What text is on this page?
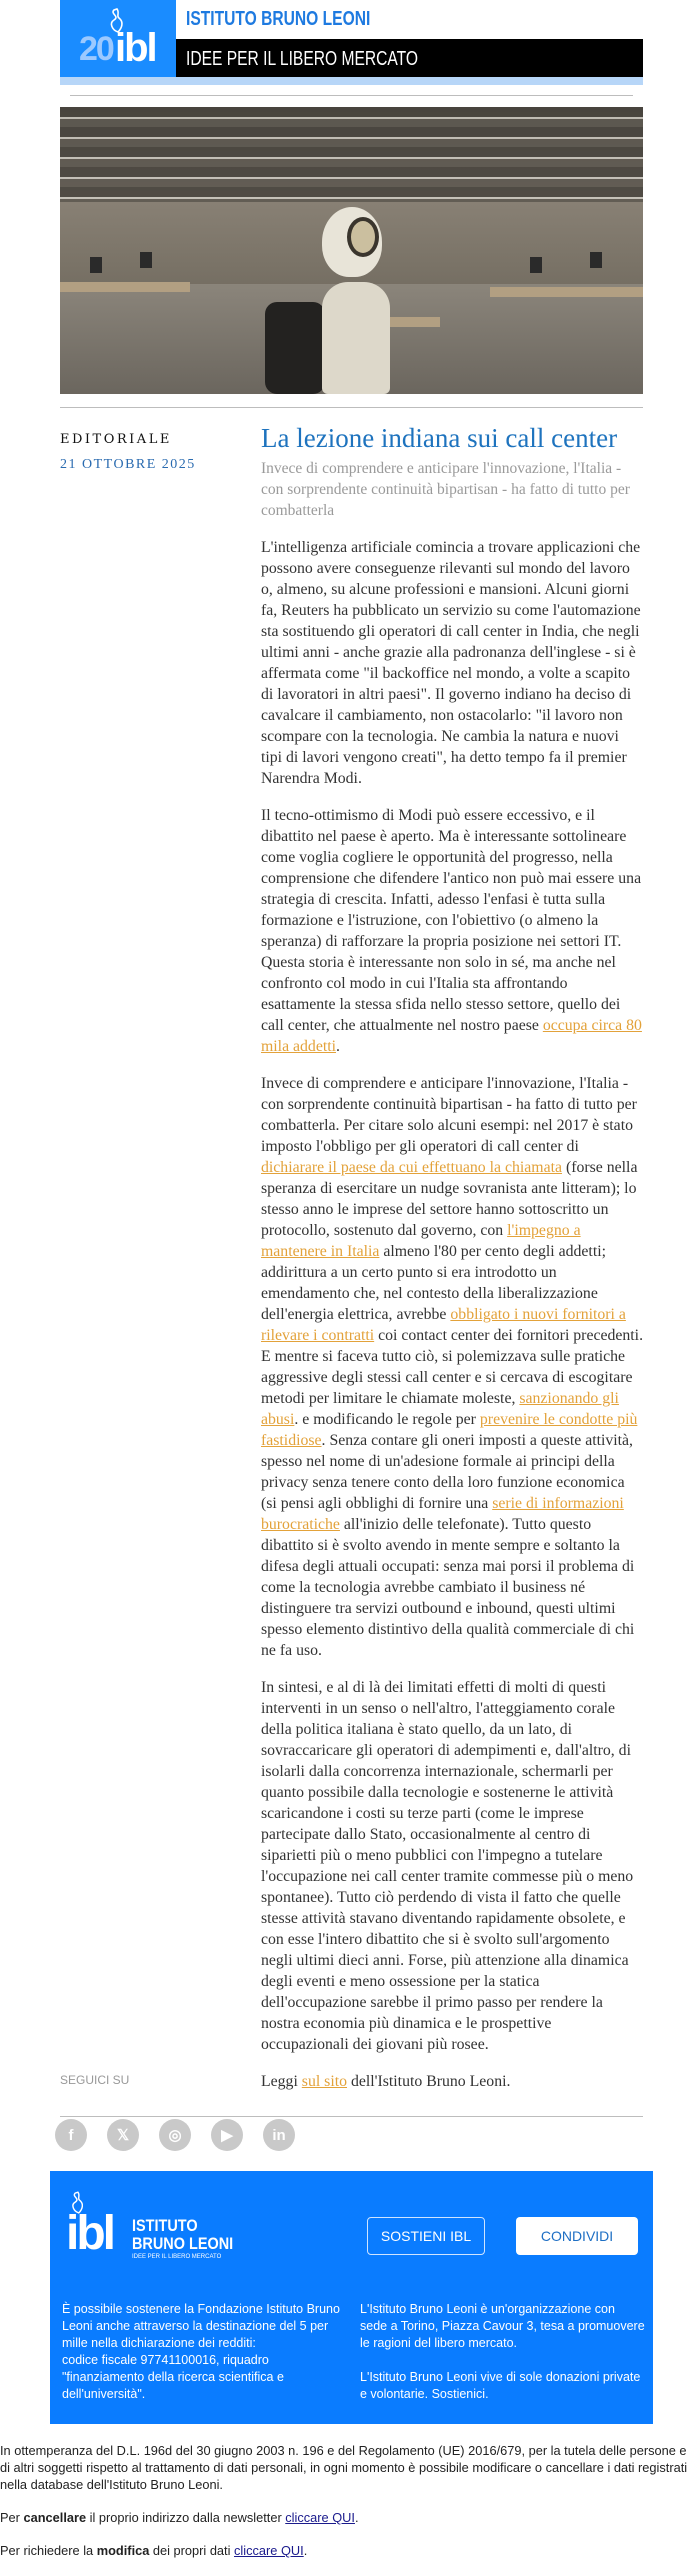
20 ibl
ISTITUTO BRUNO LEONI
IDEE PER IL LIBERO MERCATO
EDITORIALE
21 OTTOBRE 2025
La lezione indiana sui call center

Invece di comprendere e anticipare l'innovazione, l'Italia - con sorprendente continuità bipartisan - ha fatto di tutto per combatterla

L'intelligenza artificiale comincia a trovare applicazioni che possono avere conseguenze rilevanti sul mondo del lavoro o, almeno, su alcune professioni e mansioni. Alcuni giorni fa, Reuters ha pubblicato un servizio su come l'automazione sta sostituendo gli operatori di call center in India, che negli ultimi anni - anche grazie alla padronanza dell'inglese - si è affermata come "il backoffice nel mondo, a volte a scapito di lavoratori in altri paesi". Il governo indiano ha deciso di cavalcare il cambiamento, non ostacolarlo: "il lavoro non scompare con la tecnologia. Ne cambia la natura e nuovi tipi di lavori vengono creati", ha detto tempo fa il premier Narendra Modi.

Il tecno-ottimismo di Modi può essere eccessivo, e il dibattito nel paese è aperto. Ma è interessante sottolineare come voglia cogliere le opportunità del progresso, nella comprensione che difendere l'antico non può mai essere una strategia di crescita. Infatti, adesso l'enfasi è tutta sulla formazione e l'istruzione, con l'obiettivo (o almeno la speranza) di rafforzare la propria posizione nei settori IT. Questa storia è interessante non solo in sé, ma anche nel confronto col modo in cui l'Italia sta affrontando esattamente la stessa sfida nello stesso settore, quello dei call center, che attualmente nel nostro paese occupa circa 80 mila addetti.

Invece di comprendere e anticipare l'innovazione, l'Italia - con sorprendente continuità bipartisan - ha fatto di tutto per combatterla. Per citare solo alcuni esempi: nel 2017 è stato imposto l'obbligo per gli operatori di call center di dichiarare il paese da cui effettuano la chiamata (forse nella speranza di esercitare un nudge sovranista ante litteram); lo stesso anno le imprese del settore hanno sottoscritto un protocollo, sostenuto dal governo, con l'impegno a mantenere in Italia almeno l'80 per cento degli addetti; addirittura a un certo punto si era introdotto un emendamento che, nel contesto della liberalizzazione dell'energia elettrica, avrebbe obbligato i nuovi fornitori a rilevare i contratti coi contact center dei fornitori precedenti. E mentre si faceva tutto ciò, si polemizzava sulle pratiche aggressive degli stessi call center e si cercava di escogitare metodi per limitare le chiamate moleste, sanzionando gli abusi. e modificando le regole per prevenire le condotte più fastidiose. Senza contare gli oneri imposti a queste attività, spesso nel nome di un'adesione formale ai principi della privacy senza tenere conto della loro funzione economica (si pensi agli obblighi di fornire una serie di informazioni burocratiche all'inizio delle telefonate). Tutto questo dibattito si è svolto avendo in mente sempre e soltanto la difesa degli attuali occupati: senza mai porsi il problema di come la tecnologia avrebbe cambiato il business né distinguere tra servizi outbound e inbound, questi ultimi spesso elemento distintivo della qualità commerciale di chi ne fa uso.

In sintesi, e al di là dei limitati effetti di molti di questi interventi in un senso o nell'altro, l'atteggiamento corale della politica italiana è stato quello, da un lato, di sovraccaricare gli operatori di adempimenti e, dall'altro, di isolarli dalla concorrenza internazionale, schermarli per quanto possibile dalla tecnologie e sostenerne le attività scaricandone i costi su terze parti (come le imprese partecipate dallo Stato, occasionalmente al centro di siparietti più o meno pubblici con l'impegno a tutelare l'occupazione nei call center tramite commesse più o meno spontanee). Tutto ciò perdendo di vista il fatto che quelle stesse attività stavano diventando rapidamente obsolete, e con esse l'intero dibattito che si è svolto sull'argomento negli ultimi dieci anni. Forse, più attenzione alla dinamica degli eventi e meno ossessione per la statica dell'occupazione sarebbe il primo passo per rendere la nostra economia più dinamica e le prospettive occupazionali dei giovani più rosee.

Leggi sul sito dell'Istituto Bruno Leoni.

SEGUICI SU
f	𝕏	◎	▶	in
ibl ISTITUTO
BRUNO LEONI
IDEE PER IL LIBERO MERCATO
SOSTIENI IBL	CONDIVIDI
È possibile sostenere la Fondazione Istituto Bruno Leoni anche attraverso la destinazione del 5 per mille nella dichiarazione dei redditi:
codice fiscale 97741100016, riquadro "finanziamento della ricerca scientifica e dell'università".

L'Istituto Bruno Leoni è un'organizzazione con sede a Torino, Piazza Cavour 3, tesa a promuovere le ragioni del libero mercato.

L'Istituto Bruno Leoni vive di sole donazioni private e volontarie. Sostienici.

In ottemperanza del D.L. 196d del 30 giugno 2003 n. 196 e del Regolamento (UE) 2016/679, per la tutela delle persone e di altri soggetti rispetto al trattamento di dati personali, in ogni momento è possibile modificare o cancellare i dati registrati nella database dell'Istituto Bruno Leoni.

Per cancellare il proprio indirizzo dalla newsletter cliccare QUI.

Per richiedere la modifica dei propri dati cliccare QUI.
